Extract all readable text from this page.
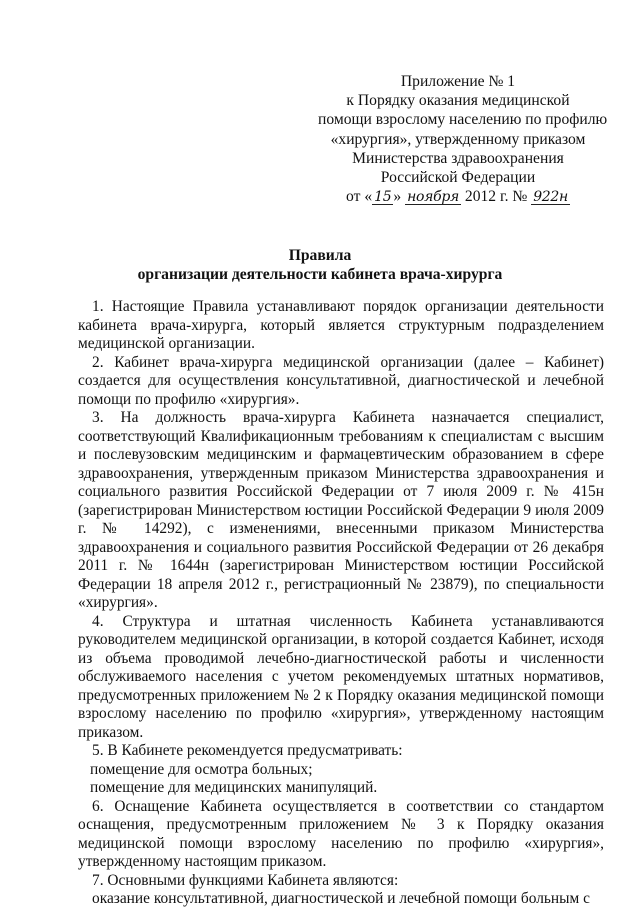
Приложение № 1
к Порядку оказания медицинской
помощи взрослому населению по профилю
«хирургия», утвержденному приказом
Министерства здравоохранения
Российской Федерации
от « 15 » ноября 2012 г. № 922н
Правила
организации деятельности кабинета врача-хирурга

1. Настоящие Правила устанавливают порядок организации деятельности кабинета врача-хирурга, который является структурным подразделением медицинской организации.

2. Кабинет врача-хирурга медицинской организации (далее – Кабинет) создается для осуществления консультативной, диагностической и лечебной помощи по профилю «хирургия».

3. На должность врача-хирурга Кабинета назначается специалист, соответствующий Квалификационным требованиям к специалистам с высшим и послевузовским медицинским и фармацевтическим образованием в сфере здравоохранения, утвержденным приказом Министерства здравоохранения и социального развития Российской Федерации от 7 июля 2009 г. № 415н (зарегистрирован Министерством юстиции Российской Федерации 9 июля 2009 г. № 14292), с изменениями, внесенными приказом Министерства здравоохранения и социального развития Российской Федерации от 26 декабря 2011 г. № 1644н (зарегистрирован Министерством юстиции Российской Федерации 18 апреля 2012 г., регистрационный № 23879), по специальности «хирургия».

4. Структура и штатная численность Кабинета устанавливаются руководителем медицинской организации, в которой создается Кабинет, исходя из объема проводимой лечебно-диагностической работы и численности обслуживаемого населения с учетом рекомендуемых штатных нормативов, предусмотренных приложением № 2 к Порядку оказания медицинской помощи взрослому населению по профилю «хирургия», утвержденному настоящим приказом.

5. В Кабинете рекомендуется предусматривать:

помещение для осмотра больных;

помещение для медицинских манипуляций.

6. Оснащение Кабинета осуществляется в соответствии со стандартом оснащения, предусмотренным приложением № 3 к Порядку оказания медицинской помощи взрослому населению по профилю «хирургия», утвержденному настоящим приказом.

7. Основными функциями Кабинета являются:

оказание консультативной, диагностической и лечебной помощи больным с
